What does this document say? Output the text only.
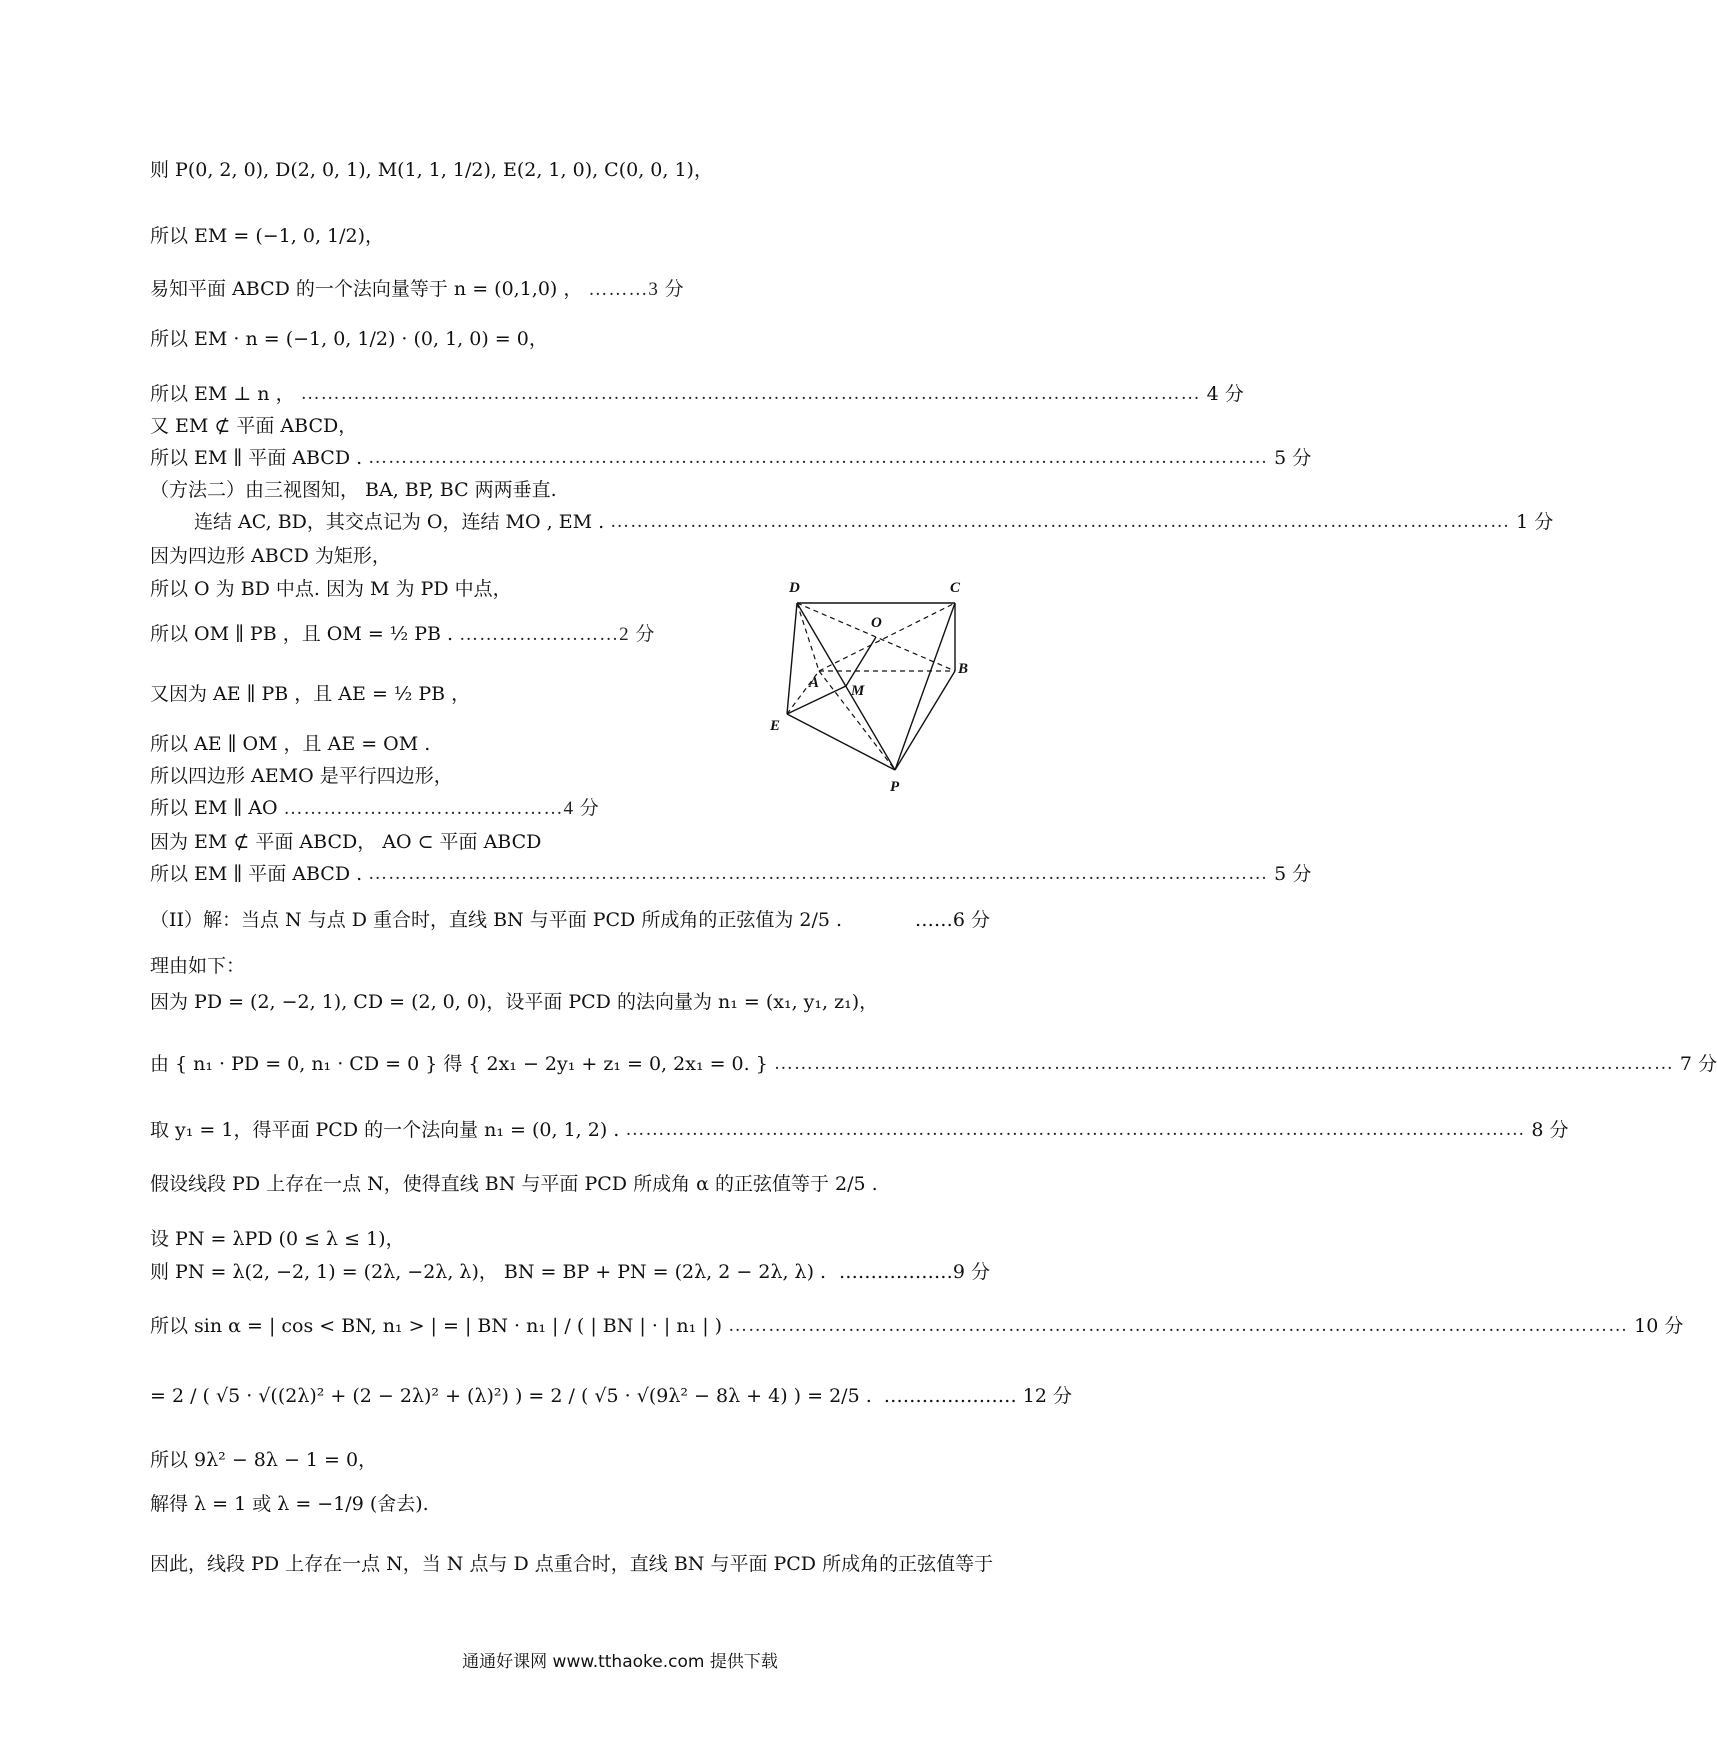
则 P(0, 2, 0), D(2, 0, 1), M(1, 1, 1/2), E(2, 1, 0), C(0, 0, 1)，
所以 EM = (−1, 0, 1/2)，
易知平面 ABCD 的一个法向量等于 n = (0,1,0) ， ………3 分
所以 EM · n = (−1, 0, 1/2) · (0, 1, 0) = 0，
所以 EM ⊥ n ， ……………………………………………………………………………………………………………………… 4 分
又 EM ⊄ 平面 ABCD，
所以 EM ∥ 平面 ABCD . ……………………………………………………………………………………………………………………… 5 分
（方法二）由三视图知， BA, BP, BC 两两垂直.
连结 AC, BD，其交点记为 O，连结 MO , EM . ……………………………………………………………………………………………………………………… 1 分
因为四边形 ABCD 为矩形，
所以 O 为 BD 中点. 因为 M 为 PD 中点，
所以 OM ∥ PB ，且 OM = ½ PB . ……………………2 分
又因为 AE ∥ PB ，且 AE = ½ PB ，
所以 AE ∥ OM ，且 AE = OM .
所以四边形 AEMO 是平行四边形，
所以 EM ∥ AO ……………………………………4 分
因为 EM ⊄ 平面 ABCD， AO ⊂ 平面 ABCD
所以 EM ∥ 平面 ABCD . ……………………………………………………………………………………………………………………… 5 分
（II）解：当点 N 与点 D 重合时，直线 BN 与平面 PCD 所成角的正弦值为 2/5 .	……6 分
理由如下：
因为 PD = (2, −2, 1), CD = (2, 0, 0)，设平面 PCD 的法向量为 n₁ = (x₁, y₁, z₁)，
由 { n₁ · PD = 0, n₁ · CD = 0 } 得 { 2x₁ − 2y₁ + z₁ = 0, 2x₁ = 0. } ……………………………………………………………………………………………………………………… 7 分
取 y₁ = 1，得平面 PCD 的一个法向量 n₁ = (0, 1, 2) . ……………………………………………………………………………………………………………………… 8 分
假设线段 PD 上存在一点 N，使得直线 BN 与平面 PCD 所成角 α 的正弦值等于 2/5 .
设 PN = λPD (0 ≤ λ ≤ 1)，
则 PN = λ(2, −2, 1) = (2λ, −2λ, λ)， BN = BP + PN = (2λ, 2 − 2λ, λ) . ………………9 分
所以 sin α = | cos < BN, n₁ > | = | BN · n₁ | / ( | BN | · | n₁ | ) ……………………………………………………………………………………………………………………… 10 分
= 2 / ( √5 · √((2λ)² + (2 − 2λ)² + (λ)²) ) = 2 / ( √5 · √(9λ² − 8λ + 4) ) = 2/5 . ………………… 12 分
所以 9λ² − 8λ − 1 = 0，
解得 λ = 1 或 λ = −1/9 (舍去).
因此，线段 PD 上存在一点 N，当 N 点与 D 点重合时，直线 BN 与平面 PCD 所成角的正弦值等于
D	C
O
B
A M
E
P
通通好课网 www.tthaoke.com 提供下载
